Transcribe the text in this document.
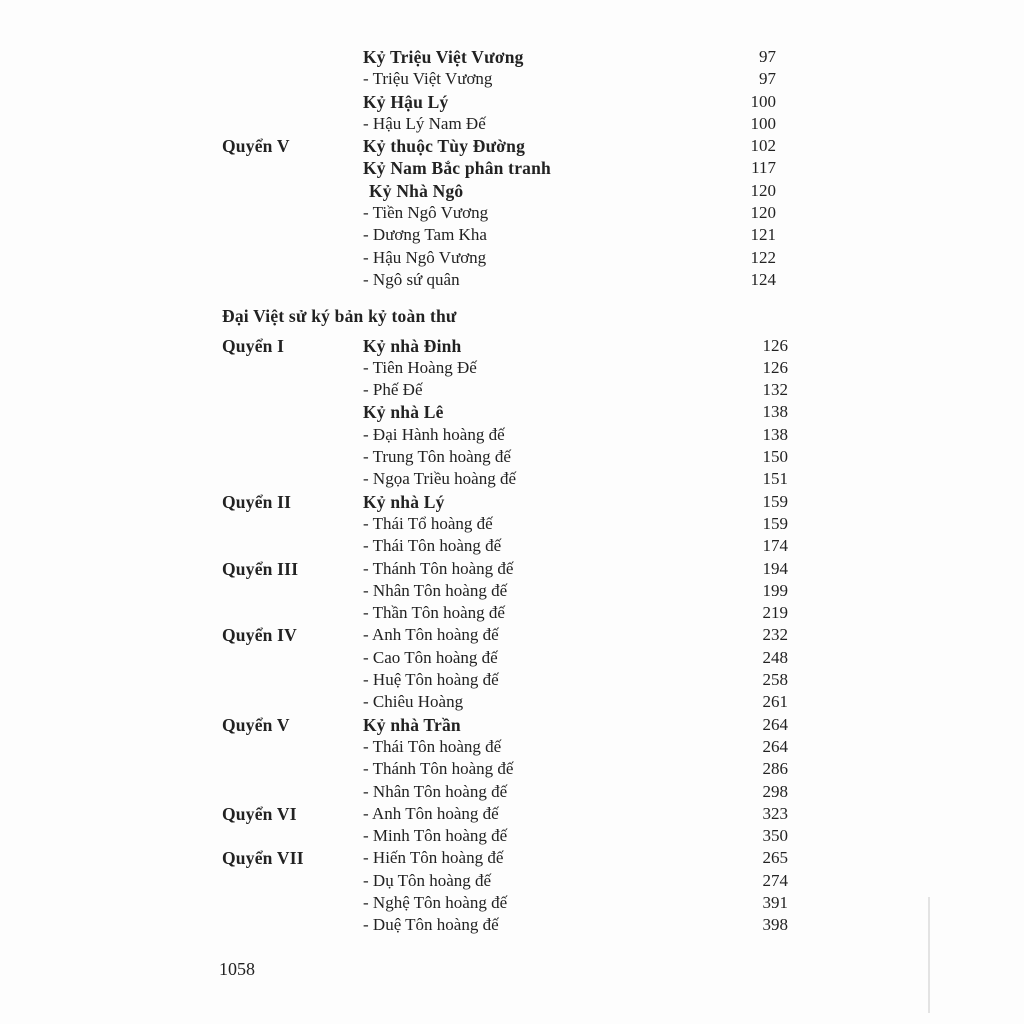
Kỷ Triệu Việt Vương	97
- Triệu Việt Vương	97
Kỷ Hậu Lý	100
- Hậu Lý Nam Đế	100
Quyển V	Kỷ thuộc Tùy Đường	102
Kỷ Nam Bắc phân tranh	117
Kỷ Nhà Ngô	120
- Tiền Ngô Vương	120
- Dương Tam Kha	121
- Hậu Ngô Vương	122
- Ngô sứ quân	124
Đại Việt sử ký bản kỷ toàn thư
Quyển I	Kỷ nhà Đinh	126
- Tiên Hoàng Đế	126
- Phế Đế	132
Kỷ nhà Lê	138
- Đại Hành hoàng đế	138
- Trung Tôn hoàng đế	150
- Ngọa Triều hoàng đế	151
Quyển II	Kỷ nhà Lý	159
- Thái Tổ hoàng đế	159
- Thái Tôn hoàng đế	174
Quyển III	- Thánh Tôn hoàng đế	194
- Nhân Tôn hoàng đế	199
- Thần Tôn hoàng đế	219
Quyển IV	- Anh Tôn hoàng đế	232
- Cao Tôn hoàng đế	248
- Huệ Tôn hoàng đế	258
- Chiêu Hoàng	261
Quyển V	Kỷ nhà Trần	264
- Thái Tôn hoàng đế	264
- Thánh Tôn hoàng đế	286
- Nhân Tôn hoàng đế	298
Quyển VI	- Anh Tôn hoàng đế	323
- Minh Tôn hoàng đế	350
Quyển VII	- Hiến Tôn hoàng đế	265
- Dụ Tôn hoàng đế	274
- Nghệ Tôn hoàng đế	391
- Duệ Tôn hoàng đế	398
1058
